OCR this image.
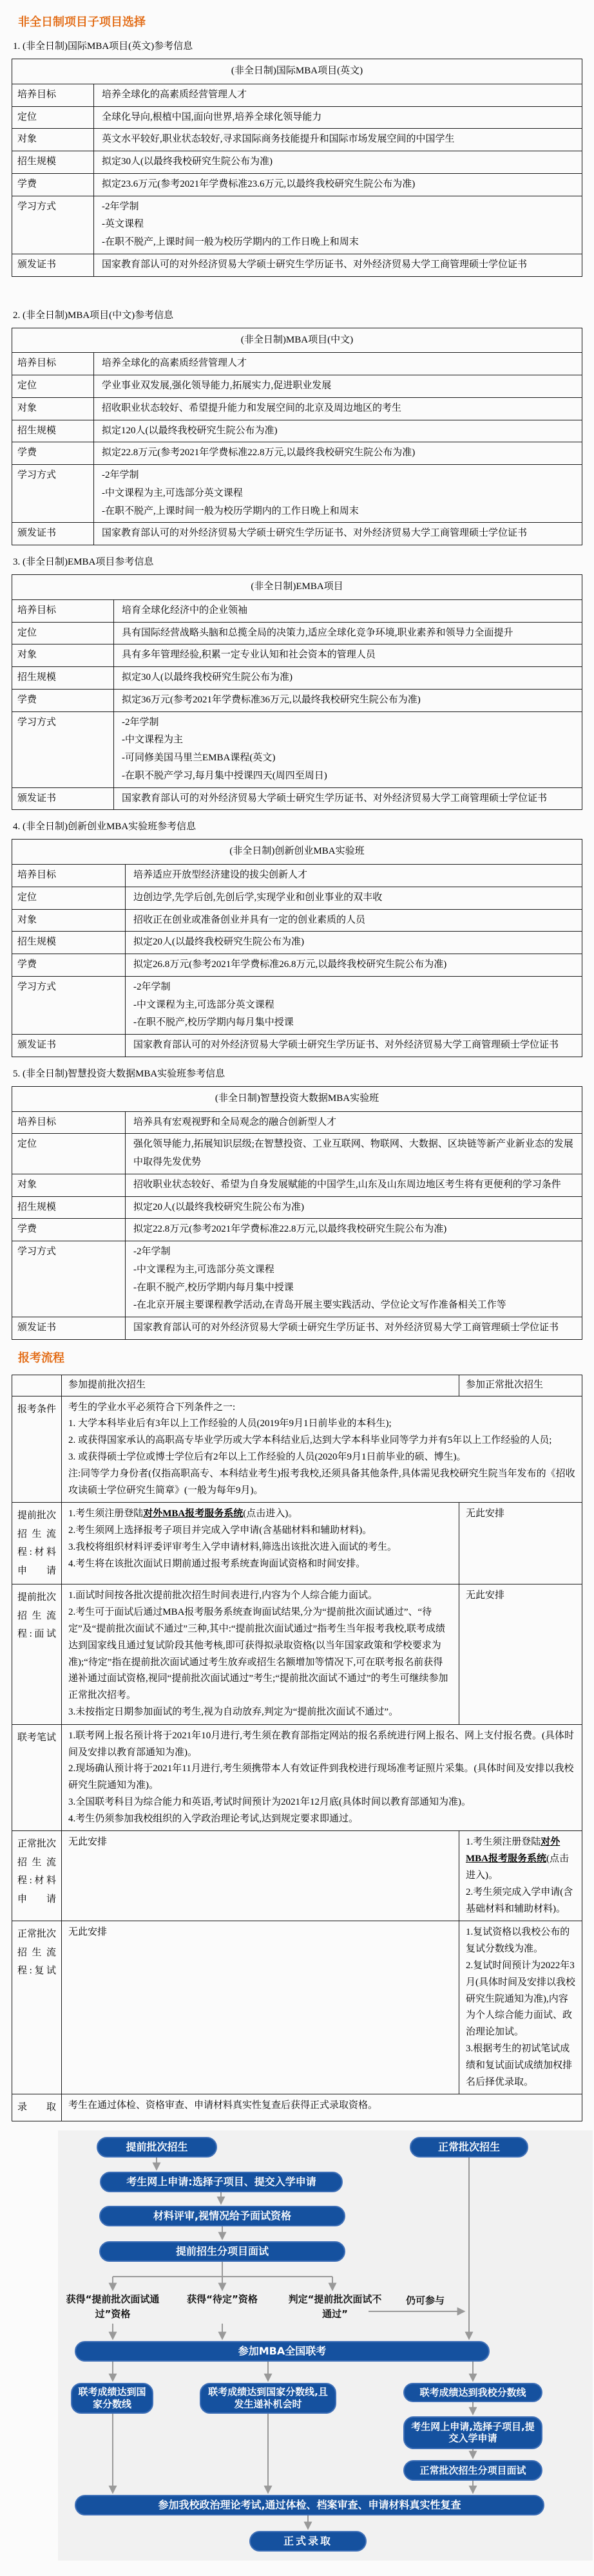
非全日制项目子项目选择
1. (非全日制)国际MBA项目(英文)参考信息
(非全日制)国际MBA项目(英文)	
培养目标	培养全球化的高素质经营管理人才

定位	全球化导向,根植中国,面向世界,培养全球化领导能力

对象	英文水平较好,职业状态较好,寻求国际商务技能提升和国际市场发展空间的中国学生

招生规模	拟定30人(以最终我校研究生院公布为准)

学费	拟定23.6万元(参考2021年学费标准23.6万元,以最终我校研究生院公布为准)

学习方式	-2年学制

-英文课程

-在职不脱产,上课时间一般为校历学期内的工作日晚上和周末

颁发证书	国家教育部认可的对外经济贸易大学硕士研究生学历证书、对外经济贸易大学工商管理硕士学位证书

2. (非全日制)MBA项目(中文)参考信息
(非全日制)MBA项目(中文)	
培养目标	培养全球化的高素质经营管理人才

定位	学业事业双发展,强化领导能力,拓展实力,促进职业发展

对象	招收职业状态较好、希望提升能力和发展空间的北京及周边地区的考生

招生规模	拟定120人(以最终我校研究生院公布为准)

学费	拟定22.8万元(参考2021年学费标准22.8万元,以最终我校研究生院公布为准)

学习方式	-2年学制

-中文课程为主,可选部分英文课程

-在职不脱产,上课时间一般为校历学期内的工作日晚上和周末

颁发证书	国家教育部认可的对外经济贸易大学硕士研究生学历证书、对外经济贸易大学工商管理硕士学位证书

3. (非全日制)EMBA项目参考信息
(非全日制)EMBA项目	
培养目标	培育全球化经济中的企业领袖

定位	具有国际经营战略头脑和总揽全局的决策力,适应全球化竞争环境,职业素养和领导力全面提升

对象	具有多年管理经验,积累一定专业认知和社会资本的管理人员

招生规模	拟定30人(以最终我校研究生院公布为准)

学费	拟定36万元(参考2021年学费标准36万元,以最终我校研究生院公布为准)

学习方式	-2年学制

-中文课程为主

-可同修美国马里兰EMBA课程(英文)

-在职不脱产学习,每月集中授课四天(周四至周日)

颁发证书	国家教育部认可的对外经济贸易大学硕士研究生学历证书、对外经济贸易大学工商管理硕士学位证书

4. (非全日制)创新创业MBA实验班参考信息
(非全日制)创新创业MBA实验班	
培养目标	培养适应开放型经济建设的拔尖创新人才

定位	边创边学,先学后创,先创后学,实现学业和创业事业的双丰收

对象	招收正在创业或准备创业并具有一定的创业素质的人员

招生规模	拟定20人(以最终我校研究生院公布为准)

学费	拟定26.8万元(参考2021年学费标准26.8万元,以最终我校研究生院公布为准)

学习方式	-2年学制

-中文课程为主,可选部分英文课程

-在职不脱产,校历学期内每月集中授课

颁发证书	国家教育部认可的对外经济贸易大学硕士研究生学历证书、对外经济贸易大学工商管理硕士学位证书

5. (非全日制)智慧投资大数据MBA实验班参考信息
(非全日制)智慧投资大数据MBA实验班	
培养目标	培养具有宏观视野和全局观念的融合创新型人才

定位	强化领导能力,拓展知识层级;在智慧投资、工业互联网、物联网、大数据、区块链等新产业新业态的发展中取得先发优势

对象	招收职业状态较好、希望为自身发展赋能的中国学生,山东及山东周边地区考生将有更便利的学习条件

招生规模	拟定20人(以最终我校研究生院公布为准)

学费	拟定22.8万元(参考2021年学费标准22.8万元,以最终我校研究生院公布为准)

学习方式	-2年学制

-中文课程为主,可选部分英文课程

-在职不脱产,校历学期内每月集中授课

-在北京开展主要课程教学活动,在青岛开展主要实践活动、学位论文写作准备相关工作等

颁发证书	国家教育部认可的对外经济贸易大学硕士研究生学历证书、对外经济贸易大学工商管理硕士学位证书

报考流程
	参加提前批次招生	参加正常批次招生
报考条件	考生的学业水平必须符合下列条件之一:

1. 大学本科毕业后有3年以上工作经验的人员(2019年9月1日前毕业的本科生);

2. 或获得国家承认的高职高专毕业学历或大学本科结业后,达到大学本科毕业同等学力并有5年以上工作经验的人员;

3. 或获得硕士学位或博士学位后有2年以上工作经验的人员(2020年9月1日前毕业的硕、博生)。

注:同等学力身份者(仅指高职高专、本科结业考生)报考我校,还须具备其他条件,具体需见我校研究生院当年发布的《招收攻读硕士学位研究生简章》(一般为每年9月)。	

提前批次招生流程:材料申请	1.考生须注册登陆对外MBA报考服务系统(点击进入)。

2.考生须网上选择报考子项目并完成入学申请(含基础材料和辅助材料)。

3.我校将组织材料评委评审考生入学申请材料,筛选出该批次进入面试的考生。

4.考生将在该批次面试日期前通过报考系统查询面试资格和时间安排。	无此安排
提前批次招生流程:面试	1.面试时间按各批次提前批次招生时间表进行,内容为个人综合能力面试。

2.考生可于面试后通过MBA报考服务系统查询面试结果,分为“提前批次面试通过”、“待定”及“提前批次面试不通过”三种,其中:“提前批次面试通过”指考生当年报考我校,联考成绩达到国家线且通过复试阶段其他考核,即可获得拟录取资格(以当年国家政策和学校要求为准);“待定”指在提前批次面试通过考生放弃或招生名额增加等情况下,可在联考报名前获得递补通过面试资格,视同“提前批次面试通过”考生;“提前批次面试不通过”的考生可继续参加正常批次招考。

3.未按指定日期参加面试的考生,视为自动放弃,判定为“提前批次面试不通过”。	无此安排
联考笔试	1.联考网上报名预计将于2021年10月进行,考生须在教育部指定网站的报名系统进行网上报名、网上支付报名费。(具体时间及安排以教育部通知为准)。

2.现场确认预计将于2021年11月进行,考生须携带本人有效证件到我校进行现场准考证照片采集。(具体时间及安排以我校研究生院通知为准)。

3.全国联考科目为综合能力和英语,考试时间预计为2021年12月底(具体时间以教育部通知为准)。

4.考生仍须参加我校组织的入学政治理论考试,达到规定要求即通过。	

正常批次招生流程:材料申请	无此安排	1.考生须注册登陆对外MBA报考服务系统(点击进入)。

2.考生须完成入学申请(含基础材料和辅助材料)。

正常批次招生流程:复试	无此安排	1.复试资格以我校公布的复试分数线为准。

2.复试时间预计为2022年3月(具体时间及安排以我校研究生院通知为准),内容为个人综合能力面试、政治理论加试。

3.根据考生的初试笔试成绩和复试面试成绩加权排名后择优录取。

录取	考生在通过体检、资格审查、申请材料真实性复查后获得正式录取资格。	
提前批次招生	正常批次招生
考生网上申请:选择子项目、提交入学申请
材料评审,视情况给予面试资格
提前招生分项目面试
获得“提前批次面试通过”资格
获得“待定”资格	判定“提前批次面试不通过”
仍可参与
参加MBA全国联考
联考成绩达到国家分数线
联考成绩达到国家分数线,且发生递补机会时
联考成绩达到我校分数线
考生网上申请,选择子项目,提交入学申请
正常批次招生分项目面试
参加我校政治理论考试,通过体检、档案审查、申请材料真实性复查
正式录取
